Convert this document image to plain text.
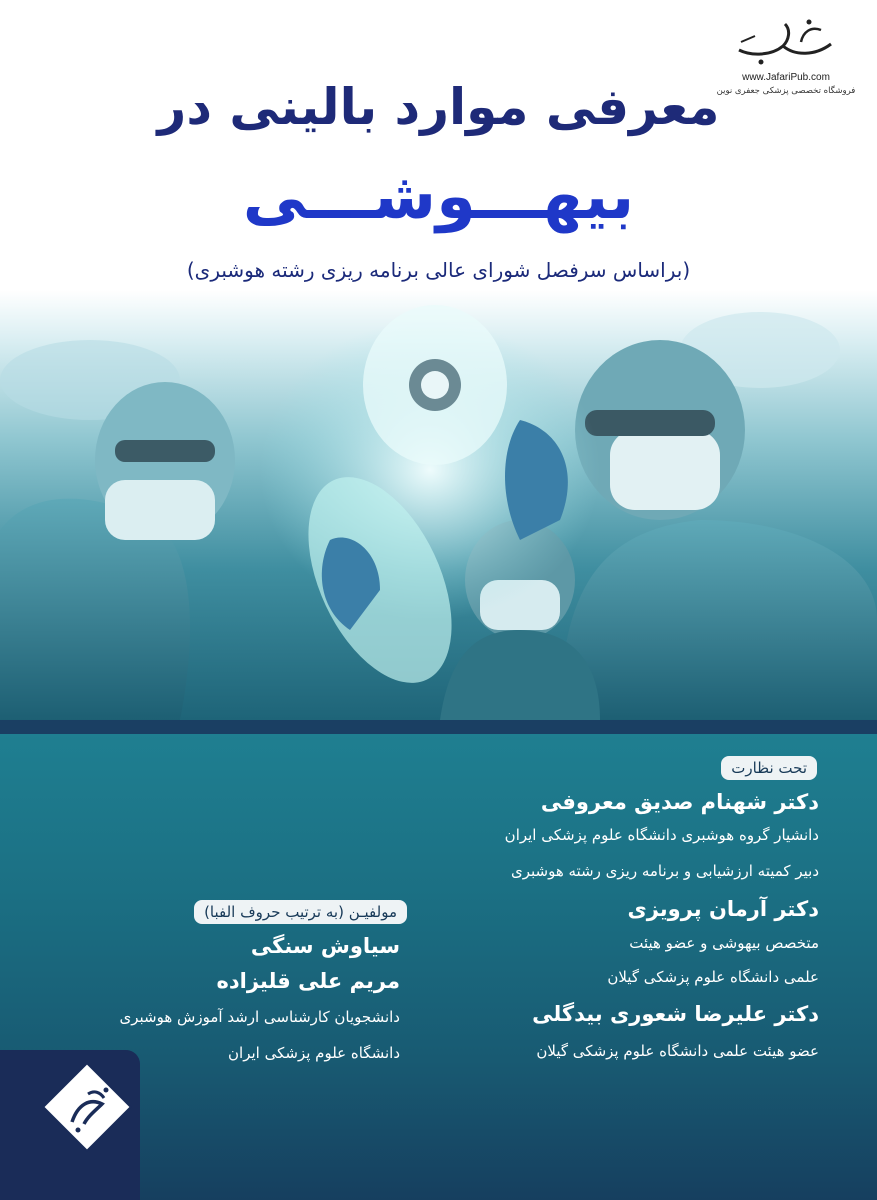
www.JafariPub.com
فروشگاه تخصصی پزشکی جعفری نوین
معرفی موارد بالینی در
بیهـــوشـــی
(براساس سرفصل شورای عالی برنامه ریزی رشته هوشبری)
تحت نظارت
دکتر شهنام صدیق معروفی
دانشیار گروه هوشبری دانشگاه علوم پزشکی ایران
دبیر کمیته ارزشیابی و برنامه ریزی رشته هوشبری
دکتر آرمان پرویزی
متخصص بیهوشی و عضو هیئت
علمی دانشگاه علوم پزشکی گیلان
دکتر علیرضا شعوری بیدگلی
عضو هیئت علمی دانشگاه علوم پزشکی گیلان
مولفیـن (به ترتیب حروف الفبا)
سیاوش سنگی
مریم علی قلیزاده
دانشجویان کارشناسی ارشد آموزش هوشبری
دانشگاه علوم پزشکی ایران
